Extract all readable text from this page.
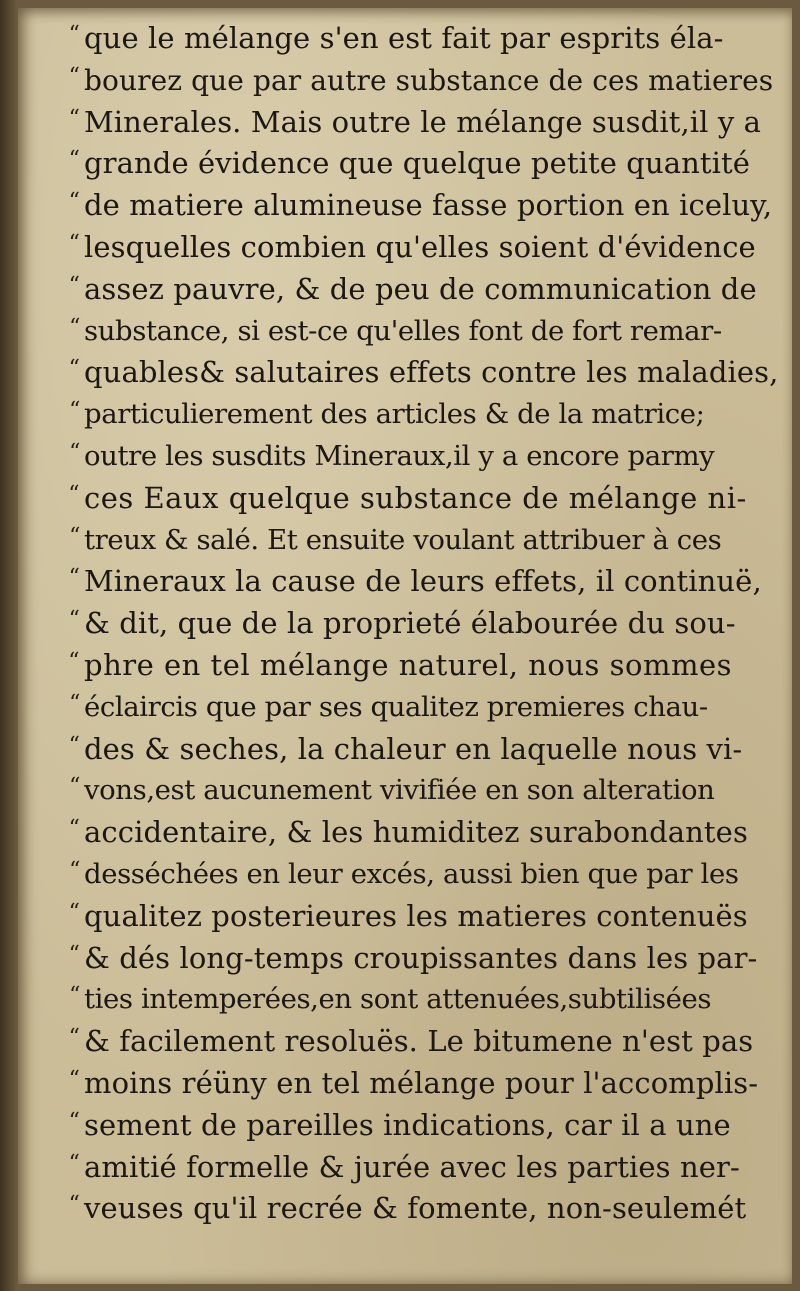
“ que le mélange s'en est fait par esprits éla-
“ bourez que par autre substance de ces matieres
“ Minerales. Mais outre le mélange susdit,il y a
“ grande évidence que quelque petite quantité
“ de matiere alumineuse fasse portion en iceluy,
“ lesquelles combien qu'elles soient d'évidence
“ assez pauvre, & de peu de communication de
“ substance, si est-ce qu'elles font de fort remar-
“ quables& salutaires effets contre les maladies,
“ particulierement des articles & de la matrice;
“ outre les susdits Mineraux,il y a encore parmy
“ ces Eaux quelque substance de mélange ni-
“ treux & salé. Et ensuite voulant attribuer à ces
“ Mineraux la cause de leurs effets, il continuë,
“ & dit, que de la proprieté élabourée du sou-
“ phre en tel mélange naturel, nous sommes
“ éclaircis que par ses qualitez premieres chau-
“ des & seches, la chaleur en laquelle nous vi-
“ vons,est aucunement vivifiée en son alteration
“ accidentaire, & les humiditez surabondantes
“ desséchées en leur excés, aussi bien que par les
“ qualitez posterieures les matieres contenuës
“ & dés long-temps croupissantes dans les par-
“ ties intemperées,en sont attenuées,subtilisées
“ & facilement resoluës. Le bitumene n'est pas
“ moins réüny en tel mélange pour l'accomplis-
“ sement de pareilles indications, car il a une
“ amitié formelle & jurée avec les parties ner-
“ veuses qu'il recrée & fomente, non-seulemét
